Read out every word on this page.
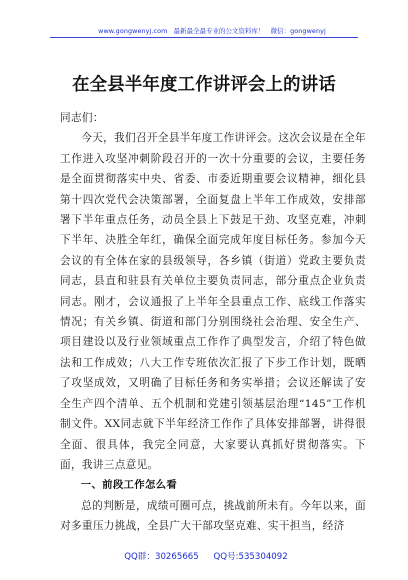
www.gongwenyj.com 最新最全最专业的公文资料库！ 微信：gongwenyj
在全县半年度工作讲评会上的讲话

同志们：

今天，我们召开全县半年度工作讲评会。这次会议是在全年工作进入攻坚冲刺阶段召开的一次十分重要的会议，主要任务是全面贯彻落实中央、省委、市委近期重要会议精神，细化县第十四次党代会决策部署，全面复盘上半年工作成效，安排部署下半年重点任务，动员全县上下鼓足干劲、攻坚克难，冲刺下半年、决胜全年红，确保全面完成年度目标任务。参加今天会议的有全体在家的县级领导，各乡镇（街道）党政主要负责同志，县直和驻县有关单位主要负责同志，部分重点企业负责同志。刚才，会议通报了上半年全县重点工作、底线工作落实情况；有关乡镇、街道和部门分别围绕社会治理、安全生产、项目建设以及行业领域重点工作作了典型发言，介绍了特色做法和工作成效；八大工作专班依次汇报了下步工作计划，既晒了攻坚成效，又明确了目标任务和务实举措；会议还解读了安全生产四个清单、五个机制和党建引领基层治理“145”工作机制文件。XX同志就下半年经济工作作了具体安排部署，讲得很全面、很具体，我完全同意，大家要认真抓好贯彻落实。下面，我讲三点意见。

一、前段工作怎么看

总的判断是，成绩可圈可点，挑战前所未有。今年以来，面对多重压力挑战，全县广大干部攻坚克难、实干担当，经济

QQ群：30265665 QQ号:535304092
